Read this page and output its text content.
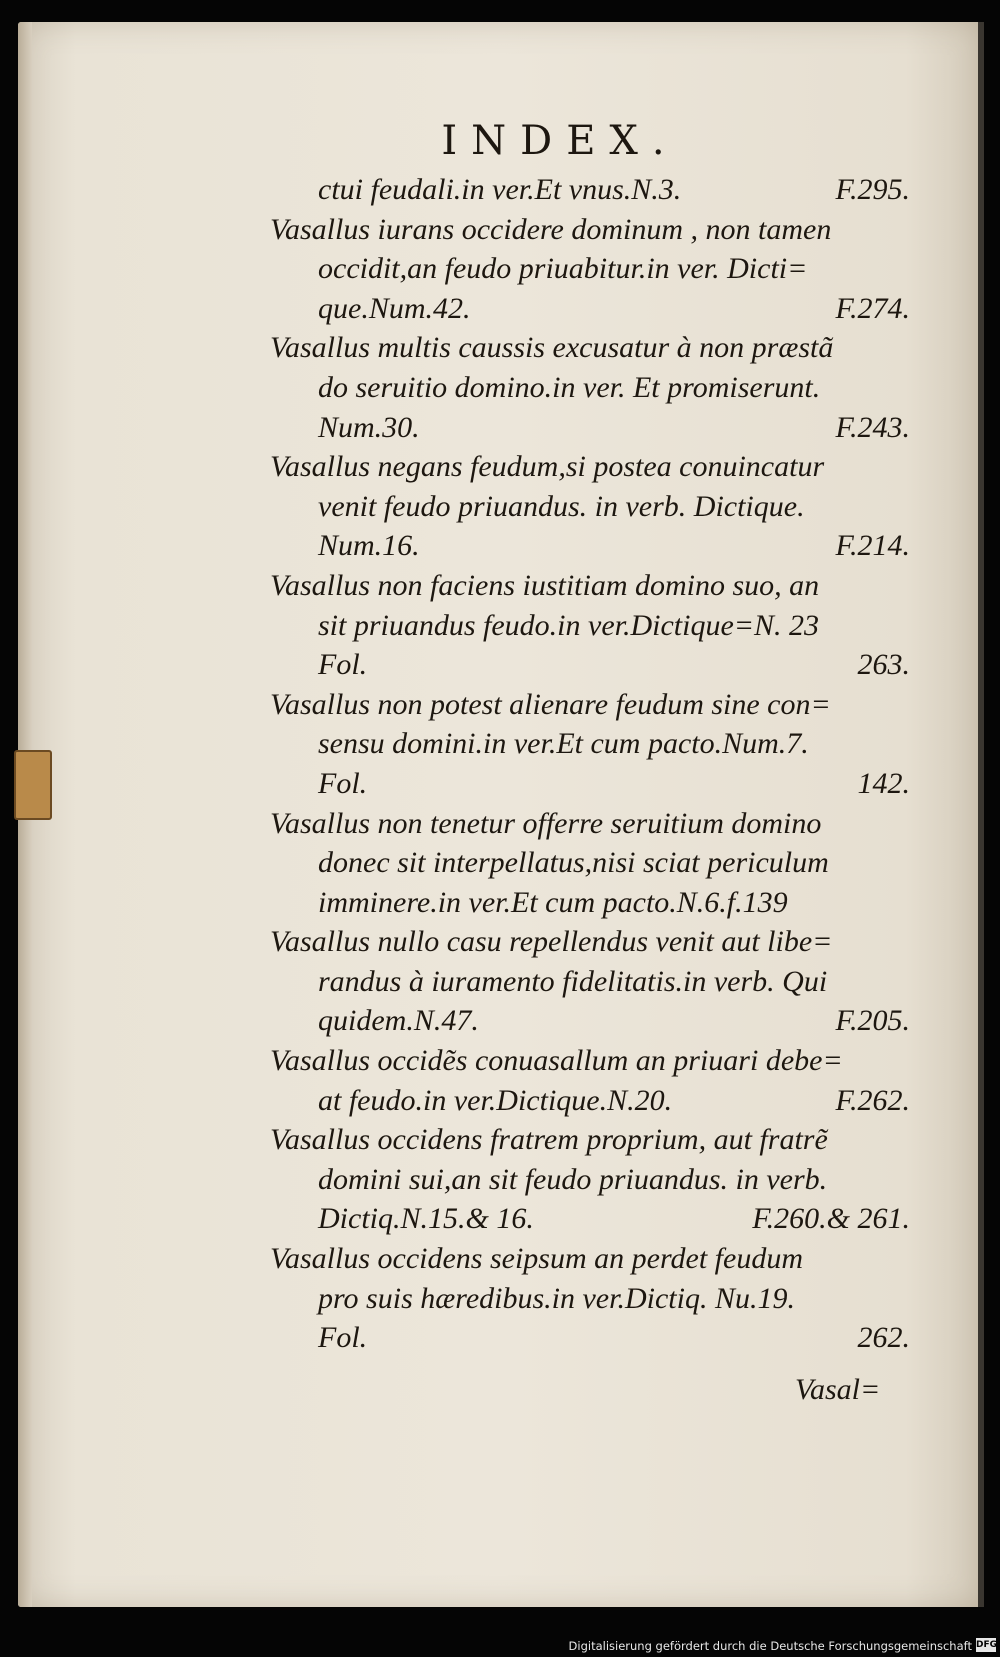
INDEX.
ctui feudali.in ver.Et vnus.N.3.	F.295.
Vasallus iurans occidere dominum , non tamen
occidit,an feudo priuabitur.in ver. Dicti=
que.Num.42.	F.274.
Vasallus multis caussis excusatur à non præstã
do seruitio domino.in ver. Et promiserunt.
Num.30.	F.243.
Vasallus negans feudum,si postea conuincatur
venit feudo priuandus. in verb. Dictique.
Num.16.	F.214.
Vasallus non faciens iustitiam domino suo, an
sit priuandus feudo.in ver.Dictique=N. 23
Fol.	263.
Vasallus non potest alienare feudum sine con=
sensu domini.in ver.Et cum pacto.Num.7.
Fol.	142.
Vasallus non tenetur offerre seruitium domino
donec sit interpellatus,nisi sciat periculum
imminere.in ver.Et cum pacto.N.6.f.139
Vasallus nullo casu repellendus venit aut libe=
randus à iuramento fidelitatis.in verb. Qui
quidem.N.47.	F.205.
Vasallus occidẽs conuasallum an priuari debe=
at feudo.in ver.Dictique.N.20.	F.262.
Vasallus occidens fratrem proprium, aut fratrẽ
domini sui,an sit feudo priuandus. in verb.
Dictiq.N.15.& 16.	F.260.& 261.
Vasallus occidens seipsum an perdet feudum
pro suis hæredibus.in ver.Dictiq. Nu.19.
Fol.	262.
Vasal=
Digitalisierung gefördert durch die Deutsche Forschungsgemeinschaft DFG
